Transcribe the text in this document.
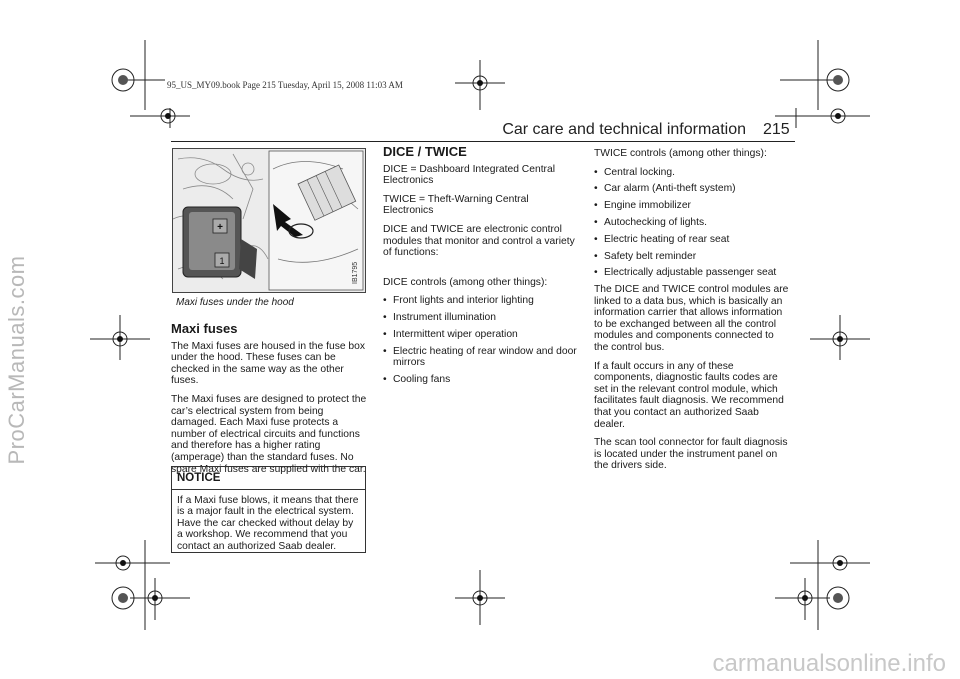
ProCarManuals.com
carmanualsonline.info
95_US_MY09.book Page 215 Tuesday, April 15, 2008 11:03 AM
Car care and technical information 215
+
1
IB1795
Maxi fuses under the hood
Maxi fuses

The Maxi fuses are housed in the fuse box under the hood. These fuses can be checked in the same way as the other fuses.

The Maxi fuses are designed to protect the car’s electrical system from being damaged. Each Maxi fuse protects a number of electrical circuits and functions and therefore has a higher rating (amperage) than the standard fuses. No spare Maxi fuses are supplied with the car.

NOTICE
If a Maxi fuse blows, it means that there is a major fault in the electrical system. Have the car checked without delay by a workshop. We recommend that you contact an authorized Saab dealer.
DICE / TWICE

DICE = Dashboard Integrated Central Electronics

TWICE = Theft-Warning Central Electronics

DICE and TWICE are electronic control modules that monitor and control a variety of functions:

DICE controls (among other things):

• Front lights and interior lighting
• Instrument illumination
• Intermittent wiper operation
• Electric heating of rear window and door mirrors
• Cooling fans

TWICE controls (among other things):

• Central locking.
• Car alarm (Anti-theft system)
• Engine immobilizer
• Autochecking of lights.
• Electric heating of rear seat
• Safety belt reminder
• Electrically adjustable passenger seat

The DICE and TWICE control modules are linked to a data bus, which is basically an information carrier that allows information to be exchanged between all the control modules and components connected to the control bus.

If a fault occurs in any of these components, diagnostic faults codes are set in the relevant control module, which facilitates fault diagnosis. We recommend that you contact an authorized Saab dealer.

The scan tool connector for fault diagnosis is located under the instrument panel on the drivers side.
